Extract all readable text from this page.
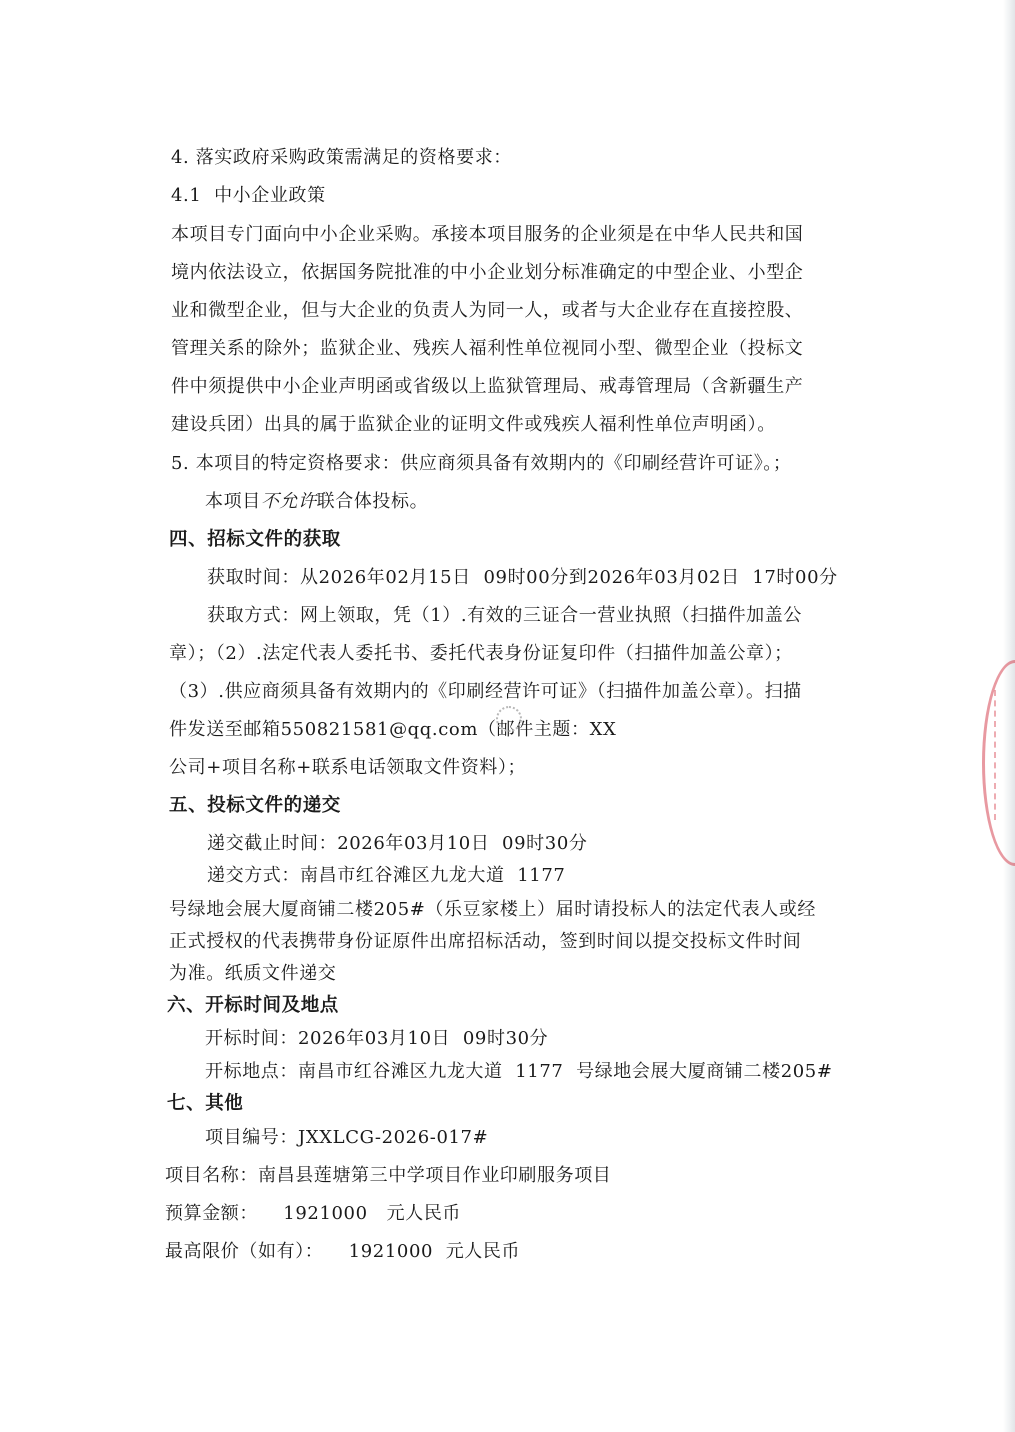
4. 落实政府采购政策需满足的资格要求：
4.1  中小企业政策
本项目专门面向中小企业采购。承接本项目服务的企业须是在中华人民共和国
境内依法设立，依据国务院批准的中小企业划分标准确定的中型企业、小型企
业和微型企业，但与大企业的负责人为同一人，或者与大企业存在直接控股、
管理关系的除外；监狱企业、残疾人福利性单位视同小型、微型企业（投标文
件中须提供中小企业声明函或省级以上监狱管理局、戒毒管理局（含新疆生产
建设兵团）出具的属于监狱企业的证明文件或残疾人福利性单位声明函）。
5. 本项目的特定资格要求：供应商须具备有效期内的《印刷经营许可证》。；
本项目不允许联合体投标。
四、招标文件的获取
获取时间：从2026年02月15日  09时00分到2026年03月02日  17时00分
获取方式：网上领取，凭（1）.有效的三证合一营业执照（扫描件加盖公
章）；（2）.法定代表人委托书、委托代表身份证复印件（扫描件加盖公章）；
（3）.供应商须具备有效期内的《印刷经营许可证》（扫描件加盖公章）。扫描
件发送至邮箱550821581@qq.com（邮件主题：XX
公司+项目名称+联系电话领取文件资料）；
五、投标文件的递交
递交截止时间：2026年03月10日  09时30分
递交方式：南昌市红谷滩区九龙大道  1177
号绿地会展大厦商铺二楼205#（乐豆家楼上）届时请投标人的法定代表人或经
正式授权的代表携带身份证原件出席招标活动，签到时间以提交投标文件时间
为准。纸质文件递交
六、开标时间及地点
开标时间：2026年03月10日  09时30分
开标地点：南昌市红谷滩区九龙大道  1177  号绿地会展大厦商铺二楼205#
七、其他
项目编号：JXXLCG-2026-017#
项目名称：南昌县莲塘第三中学项目作业印刷服务项目
预算金额：    1921000   元人民币
最高限价（如有）：    1921000  元人民币
